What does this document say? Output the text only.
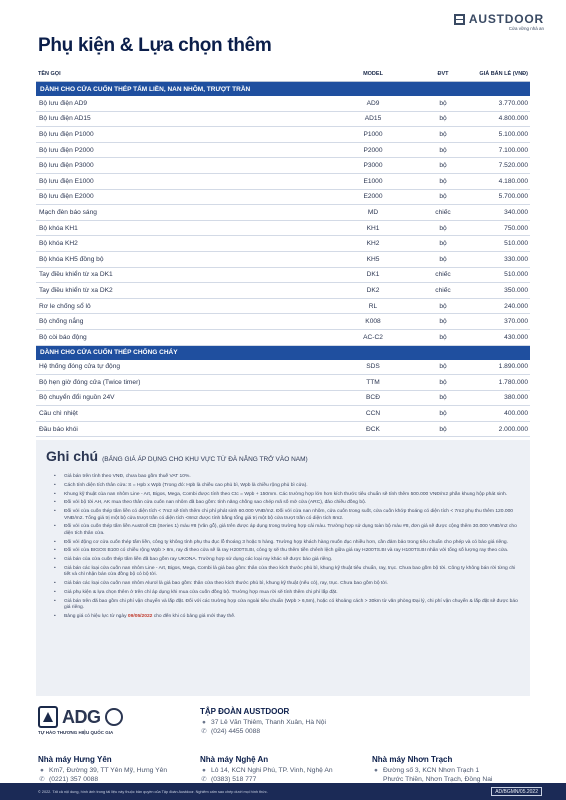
AUSTDOOR
Cửa vững nhà an
Phụ kiện & Lựa chọn thêm
TÊN GỌI	MODEL	ĐVT	GIÁ BÁN LẺ (VNĐ)
DÀNH CHO CỬA CUỐN THÉP TẤM LIỀN, NAN NHÔM, TRƯỢT TRẦN
Bộ lưu điện AD9	AD9	bộ	3.770.000
Bộ lưu điện AD15	AD15	bộ	4.800.000
Bộ lưu điện P1000	P1000	bộ	5.100.000
Bộ lưu điện P2000	P2000	bộ	7.100.000
Bộ lưu điện P3000	P3000	bộ	7.520.000
Bộ lưu điện E1000	E1000	bộ	4.180.000
Bộ lưu điện E2000	E2000	bộ	5.700.000
Mạch đèn báo sáng	MD	chiếc	340.000
Bộ khóa KH1	KH1	bộ	750.000
Bộ khóa KH2	KH2	bộ	510.000
Bộ khóa KH5 đồng bộ	KH5	bộ	330.000
Tay điều khiển từ xa DK1	DK1	chiếc	510.000
Tay điều khiển từ xa DK2	DK2	chiếc	350.000
Rơ le chống sổ lô	RL	bộ	240.000
Bộ chống nắng	K008	bộ	370.000
Bộ còi báo động	AC-C2	bộ	430.000
DÀNH CHO CỬA CUỐN THÉP CHỐNG CHÁY
Hệ thống đóng cửa tự động	SDS	bộ	1.890.000
Bộ hẹn giờ đóng cửa (Twice timer)	TTM	bộ	1.780.000
Bộ chuyển đổi nguồn 24V	BCĐ	bộ	380.000
Cầu chì nhiệt	CCN	bộ	400.000
Đầu báo khói	ĐCK	bộ	2.000.000
Ghi chú (BẢNG GIÁ ÁP DỤNG CHO KHU VỰC TỪ ĐÀ NẴNG TRỞ VÀO NAM)
• Giá bán trên tính theo VNĐ, chưa bao gồm thuế VAT 10%.
• Cách tính diện tích thân cửa: S = Hpb x Wpb (Trong đó: Hpb là chiều cao phủ bì, Wpb là chiều rộng phủ bì cửa).
• Khung kỹ thuật của nan nhôm Line - Art, Bigos, Mega, Combi được tính theo Ctc = Wpb + 150mm. Các trường hợp lớn hơn kích thước tiêu chuẩn sẽ tính thêm 500.000 VNĐ/m2 phần khung hộp phát sinh.
• Đối với bộ tời AH, AK mua theo thân cửa cuốn nan nhôm đã bao gồm: tính năng chống sao chép mã số mở cửa (ARC), đảo chiều đồng bộ.
• Đối với cửa cuốn thép tấm liền có diện tích < 7m2 sẽ tính thêm chi phí phát sinh 60.000 VNĐ/m2. Đối với cửa nan nhôm, cửa cuốn trong suốt, cửa cuốn khớp thoáng có diện tích < 7m2 phụ thu thêm 120.000 VNĐ/m2. Tổng giá trị một bộ cửa trượt trần có diện tích <8m2 được tính bằng tổng giá trị một bộ cửa trượt trần có diện tích 8m2.
• Đối với cửa cuốn thép tấm liền Austroll CB (Series 1) màu #8 (Vân gỗ), giá trên được áp dụng trong trường hợp cải màu. Trường hợp sử dụng toàn bộ màu #8, đơn giá sẽ được cộng thêm 30.000 VNĐ/m2 cho diện tích thân cửa.
• Đối với động cơ cửa cuốn thép tấm liền, công ty không tính phụ thu đục lỗ thoáng 3 hoặc 5 hàng. Trường hợp khách hàng muốn đục nhiều hơn, cần đảm bảo trong tiêu chuẩn cho phép và có báo giá riêng.
• Đối với cửa BIGOS B100 có chiều rộng Wpb > 8m, ray đi theo cửa sẽ là ray H200TS.BI, công ty sẽ thu thêm tiền chênh lệch giữa giá ray H200TS.BI và ray H100TS.BI nhân với tổng số lượng ray theo cửa.
• Giá bán của cửa cuốn thép tấm liền đã bao gồm ray UKONA. Trường hợp sử dụng các loại ray khác sẽ được báo giá riêng.
• Giá bán các loại cửa cuốn nan nhôm Line - Art, Bigos, Mega, Combi là giá bao gồm: thân cửa theo kích thước phủ bì, khung kỹ thuật tiêu chuẩn, ray, trục. Chưa bao gồm bộ tời. Công ty không bán rời từng chi tiết và chỉ nhận bán cửa đồng bộ có bộ tời.
• Giá bán các loại cửa cuốn nan nhôm Alurol là giá bao gồm: thân cửa theo kích thước phủ bì, khung kỹ thuật (nếu có), ray, trục. Chưa bao gồm bộ tời.
• Giá phụ kiện & lựa chọn thêm ở trên chỉ áp dụng khi mua cửa cuốn đồng bộ. Trường hợp mua rời sẽ tính thêm chi phí lắp đặt.
• Giá bán trên đã bao gồm chi phí vận chuyển và lắp đặt. Đối với các trường hợp cửa ngoài tiêu chuẩn (Wpb > 6,5m), hoặc có khoảng cách > 30km từ văn phòng Đại lý, chi phí vận chuyển & lắp đặt sẽ được báo giá riêng.
• Bảng giá có hiệu lực từ ngày 09/05/2022 cho đến khi có bảng giá mới thay thế.
ADG
TỰ HÀO THƯƠNG HIỆU QUỐC GIA
TẬP ĐOÀN AUSTDOOR
● 37 Lê Văn Thiêm, Thanh Xuân, Hà Nội
✆ (024) 4455 0088
Nhà máy Hưng Yên
● Km7, Đường 39, TT Yên Mỹ, Hưng Yên
✆ (0221) 357 0088
Nhà máy Nghệ An
● Lô 14, KCN Nghi Phú, TP. Vinh, Nghệ An
✆ (0383) 518 777
Nhà máy Nhơn Trạch
● Đường số 3, KCN Nhơn Trạch 1
Phước Thiền, Nhơn Trạch, Đồng Nai
© 2022. Tất cả nội dung, hình ảnh trong tài liệu này thuộc bản quyền của Tập đoàn Austdoor. Nghiêm cấm sao chép dưới mọi hình thức.	AD/BGMN/05.2022
